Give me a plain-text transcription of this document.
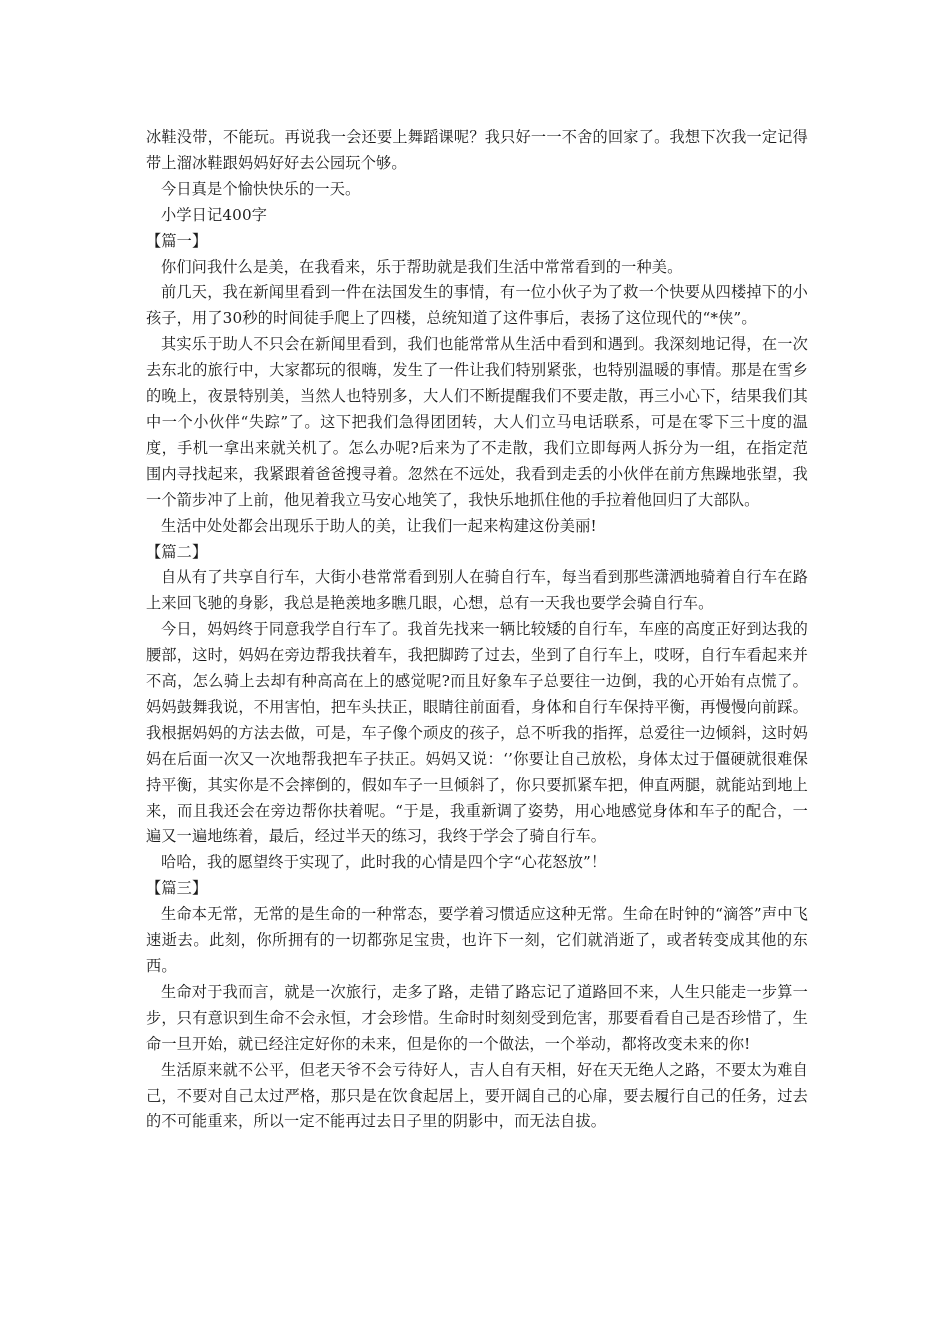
冰鞋没带，不能玩。再说我一会还要上舞蹈课呢？我只好一一不舍的回家了。我想下次我一定记得带上溜冰鞋跟妈妈好好去公园玩个够。

今日真是个愉快快乐的一天。

小学日记400字

【篇一】

你们问我什么是美，在我看来，乐于帮助就是我们生活中常常看到的一种美。

前几天，我在新闻里看到一件在法国发生的事情，有一位小伙子为了救一个快要从四楼掉下的小孩子，用了30秒的时间徒手爬上了四楼，总统知道了这件事后，表扬了这位现代的“*侠”。

其实乐于助人不只会在新闻里看到，我们也能常常从生活中看到和遇到。我深刻地记得，在一次去东北的旅行中，大家都玩的很嗨，发生了一件让我们特别紧张，也特别温暖的事情。那是在雪乡的晚上，夜景特别美，当然人也特别多，大人们不断提醒我们不要走散，再三小心下，结果我们其中一个小伙伴“失踪”了。这下把我们急得团团转，大人们立马电话联系，可是在零下三十度的温度，手机一拿出来就关机了。怎么办呢?后来为了不走散，我们立即每两人拆分为一组，在指定范围内寻找起来，我紧跟着爸爸搜寻着。忽然在不远处，我看到走丢的小伙伴在前方焦躁地张望，我一个箭步冲了上前，他见着我立马安心地笑了，我快乐地抓住他的手拉着他回归了大部队。

生活中处处都会出现乐于助人的美，让我们一起来构建这份美丽!

【篇二】

自从有了共享自行车，大街小巷常常看到别人在骑自行车，每当看到那些潇洒地骑着自行车在路上来回飞驰的身影，我总是艳羡地多瞧几眼，心想，总有一天我也要学会骑自行车。

今日，妈妈终于同意我学自行车了。我首先找来一辆比较矮的自行车，车座的高度正好到达我的腰部，这时，妈妈在旁边帮我扶着车，我把脚跨了过去，坐到了自行车上，哎呀，自行车看起来并不高，怎么骑上去却有种高高在上的感觉呢?而且好象车子总要往一边倒，我的心开始有点慌了。妈妈鼓舞我说，不用害怕，把车头扶正，眼睛往前面看，身体和自行车保持平衡，再慢慢向前踩。我根据妈妈的方法去做，可是，车子像个顽皮的孩子，总不听我的指挥，总爱往一边倾斜，这时妈妈在后面一次又一次地帮我把车子扶正。妈妈又说：‘’你要让自己放松，身体太过于僵硬就很难保持平衡，其实你是不会摔倒的，假如车子一旦倾斜了，你只要抓紧车把，伸直两腿，就能站到地上来，而且我还会在旁边帮你扶着呢。“于是，我重新调了姿势，用心地感觉身体和车子的配合，一遍又一遍地练着，最后，经过半天的练习，我终于学会了骑自行车。

哈哈，我的愿望终于实现了，此时我的心情是四个字“心花怒放”！

【篇三】

生命本无常，无常的是生命的一种常态，要学着习惯适应这种无常。生命在时钟的“滴答”声中飞速逝去。此刻，你所拥有的一切都弥足宝贵，也许下一刻，它们就消逝了，或者转变成其他的东西。

生命对于我而言，就是一次旅行，走多了路，走错了路忘记了道路回不来，人生只能走一步算一步，只有意识到生命不会永恒，才会珍惜。生命时时刻刻受到危害，那要看看自己是否珍惜了，生命一旦开始，就已经注定好你的未来，但是你的一个做法，一个举动，都将改变未来的你!

生活原来就不公平，但老天爷不会亏待好人，吉人自有天相，好在天无绝人之路，不要太为难自己，不要对自己太过严格，那只是在饮食起居上，要开阔自己的心扉，要去履行自己的任务，过去的不可能重来，所以一定不能再过去日子里的阴影中，而无法自拔。
